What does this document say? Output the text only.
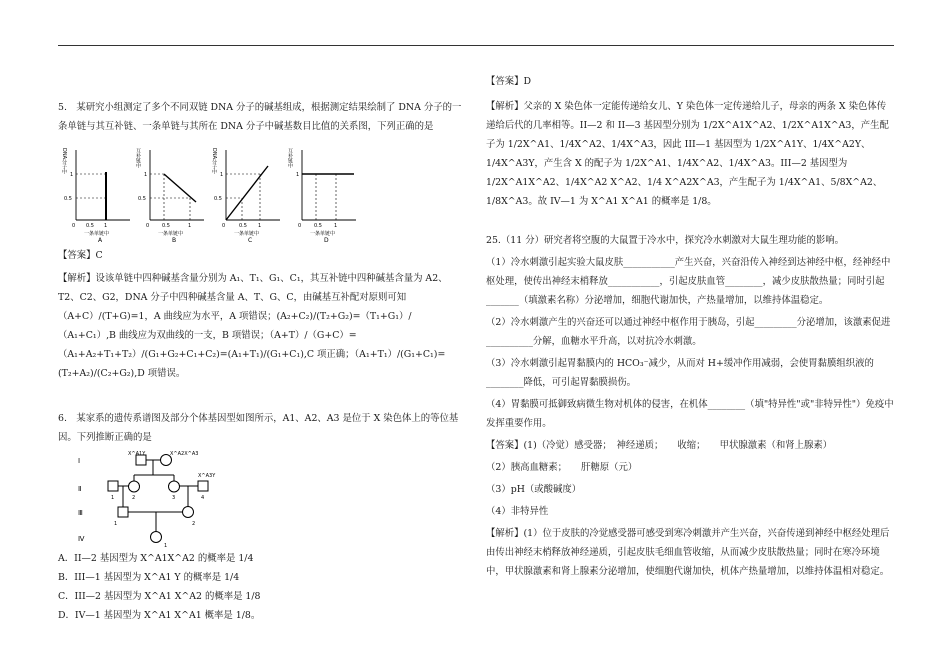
5.　某研究小组测定了多个不同双链 DNA 分子的碱基组成，根据测定结果绘制了 DNA 分子的一条单链与其互补链、一条单链与其所在 DNA 分子中碱基数目比值的关系图，下列正确的是

DNA分子中
1
0.5
0 0.5 1
一条单链中
A
互补链中
1
0.5
0	0.5	1
一条单链中
B
DNA分子中
1
0.5
0	0.5 1
一条单链中
C
互补链中
1
0	0.5 1
一条单链中
D

【答案】C

【解析】设该单链中四种碱基含量分别为 A₁、T₁、G₁、C₁，其互补链中四种碱基含量为 A2、T2、C2、G2，DNA 分子中四种碱基含量 A、T、G、C，由碱基互补配对原则可知（A+C）/(T+G)=1，A 曲线应为水平，A 项错误；(A₂+C₂)/(T₂+G₂)=（T₁+G₁）/（A₁+C₁）,B 曲线应为双曲线的一支，B 项错误；（A+T）/（G+C）=（A₁+A₂+T₁+T₂）/(G₁+G₂+C₁+C₂)=(A₁+T₁)/(G₁+C₁),C 项正确；（A₁+T₁）/(G₁+C₁)=(T₂+A₂)/(C₂+G₂),D 项错误。

6.　某家系的遗传系谱图及部分个体基因型如图所示，A1、A2、A3 是位于 X 染色体上的等位基因。下列推断正确的是

Ⅰ
Ⅱ
Ⅲ
Ⅳ
X^A1Y	X^A2X^A3
X^A3Y
1	2	3	4
1	2
1

A．II—2 基因型为 X^A1X^A2 的概率是 1/4

B．III—1 基因型为 X^A1 Y 的概率是 1/4

C．III—2 基因型为 X^A1 X^A2 的概率是 1/8

D．IV—1 基因型为 X^A1 X^A1 概率是 1/8。

【答案】D

【解析】父亲的 X 染色体一定能传递给女儿、Y 染色体一定传递给儿子，母亲的两条 X 染色体传递给后代的几率相等。II—2 和 II—3 基因型分别为 1/2X^A1X^A2、1/2X^A1X^A3，产生配子为 1/2X^A1、1/4X^A2、1/4X^A3，因此 III—1 基因型为 1/2X^A1Y、1/4X^A2Y、1/4X^A3Y，产生含 X 的配子为 1/2X^A1、1/4X^A2、1/4X^A3。III—2 基因型为 1/2X^A1X^A2、1/4X^A2 X^A2、1/4 X^A2X^A3，产生配子为 1/4X^A1、5/8X^A2、1/8X^A3。故 IV—1 为 X^A1 X^A1 的概率是 1/8。

25.（11 分）研究者将空腹的大鼠置于冷水中，探究冷水刺激对大鼠生理功能的影响。

（1）冷水刺激引起实验大鼠皮肤___________产生兴奋，兴奋沿传入神经到达神经中枢，经神经中枢处理，使传出神经末梢释放___________，引起皮肤血管________，减少皮肤散热量；同时引起_______（填激素名称）分泌增加，细胞代谢加快，产热量增加，以维持体温稳定。

（2）冷水刺激产生的兴奋还可以通过神经中枢作用于胰岛，引起_________分泌增加，该激素促进__________分解，血糖水平升高，以对抗冷水刺激。

（3）冷水刺激引起胃黏膜内的 HCO₃⁻减少，从而对 H+缓冲作用减弱，会使胃黏膜组织液的________降低，可引起胃黏膜损伤。

（4）胃黏膜可抵御致病微生物对机体的侵害，在机体________（填"特异性"或"非特异性"）免疫中发挥重要作用。

【答案】(1)（冷觉）感受器；　神经递质；　　收缩；　　甲状腺激素（和肾上腺素）

（2）胰高血糖素；　　肝糖原（元）

（3）pH（或酸碱度）

（4）非特异性

【解析】(1）位于皮肤的冷觉感受器可感受到寒冷刺激并产生兴奋，兴奋传递到神经中枢经处理后由传出神经末梢释放神经递质，引起皮肤毛细血管收缩，从而减少皮肤散热量；同时在寒冷环境中，甲状腺激素和肾上腺素分泌增加，使细胞代谢加快，机体产热量增加，以维持体温相对稳定。
